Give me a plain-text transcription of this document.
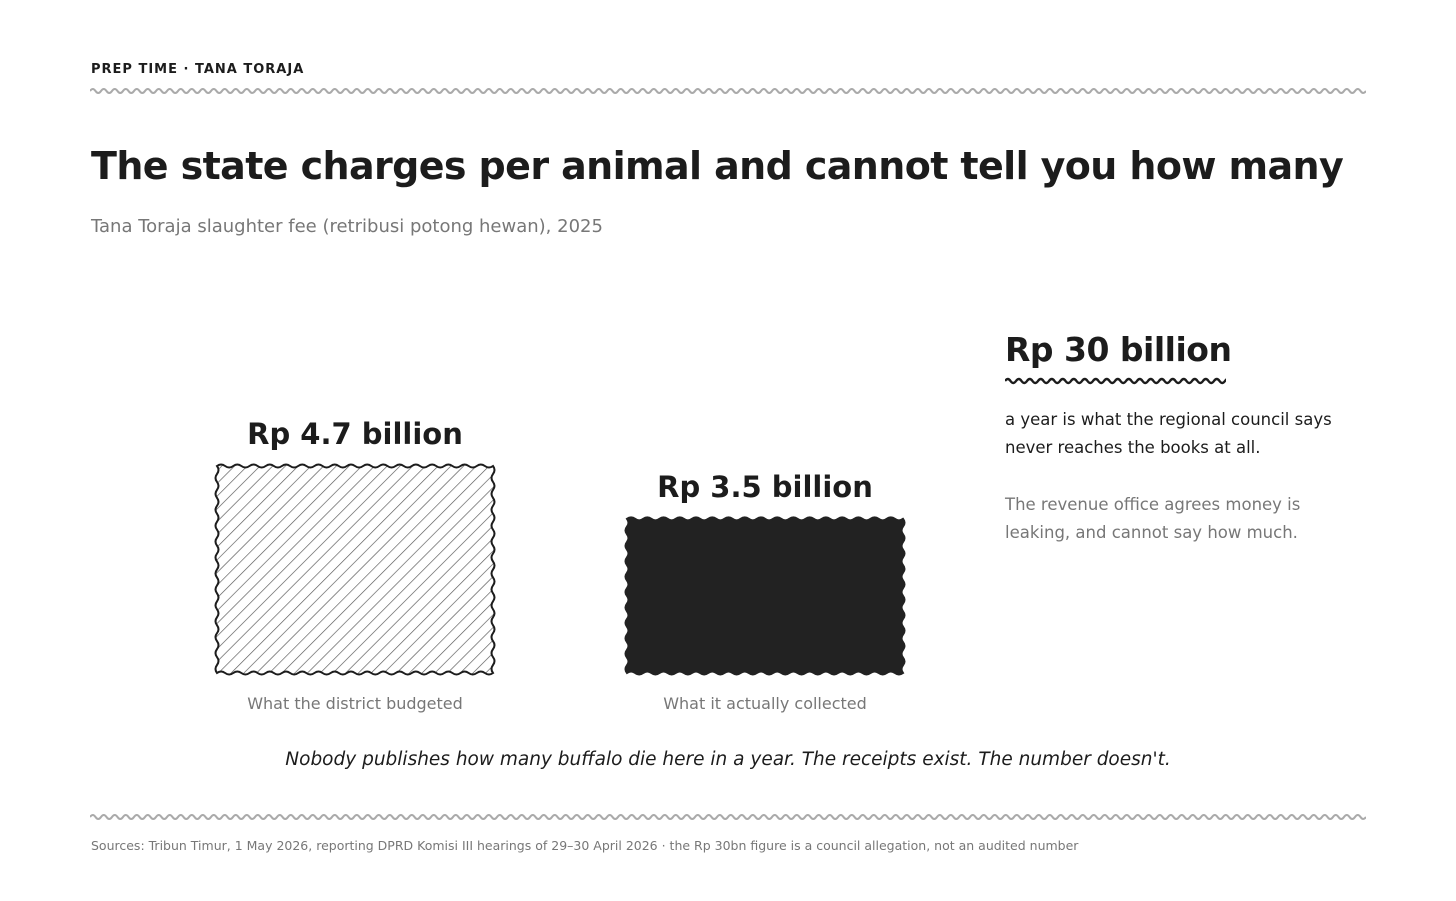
PREP TIME · TANA TORAJA
The state charges per animal and cannot tell you how many
Tana Toraja slaughter fee (retribusi potong hewan), 2025
Rp 4.7 billion
What the district budgeted
Rp 3.5 billion
What it actually collected
Rp 30 billion
a year is what the regional council says never reaches the books at all.
The revenue office agrees money is leaking, and cannot say how much.
Nobody publishes how many buffalo die here in a year. The receipts exist. The number doesn't.
Sources: Tribun Timur, 1 May 2026, reporting DPRD Komisi III hearings of 29–30 April 2026 · the Rp 30bn figure is a council allegation, not an audited number
